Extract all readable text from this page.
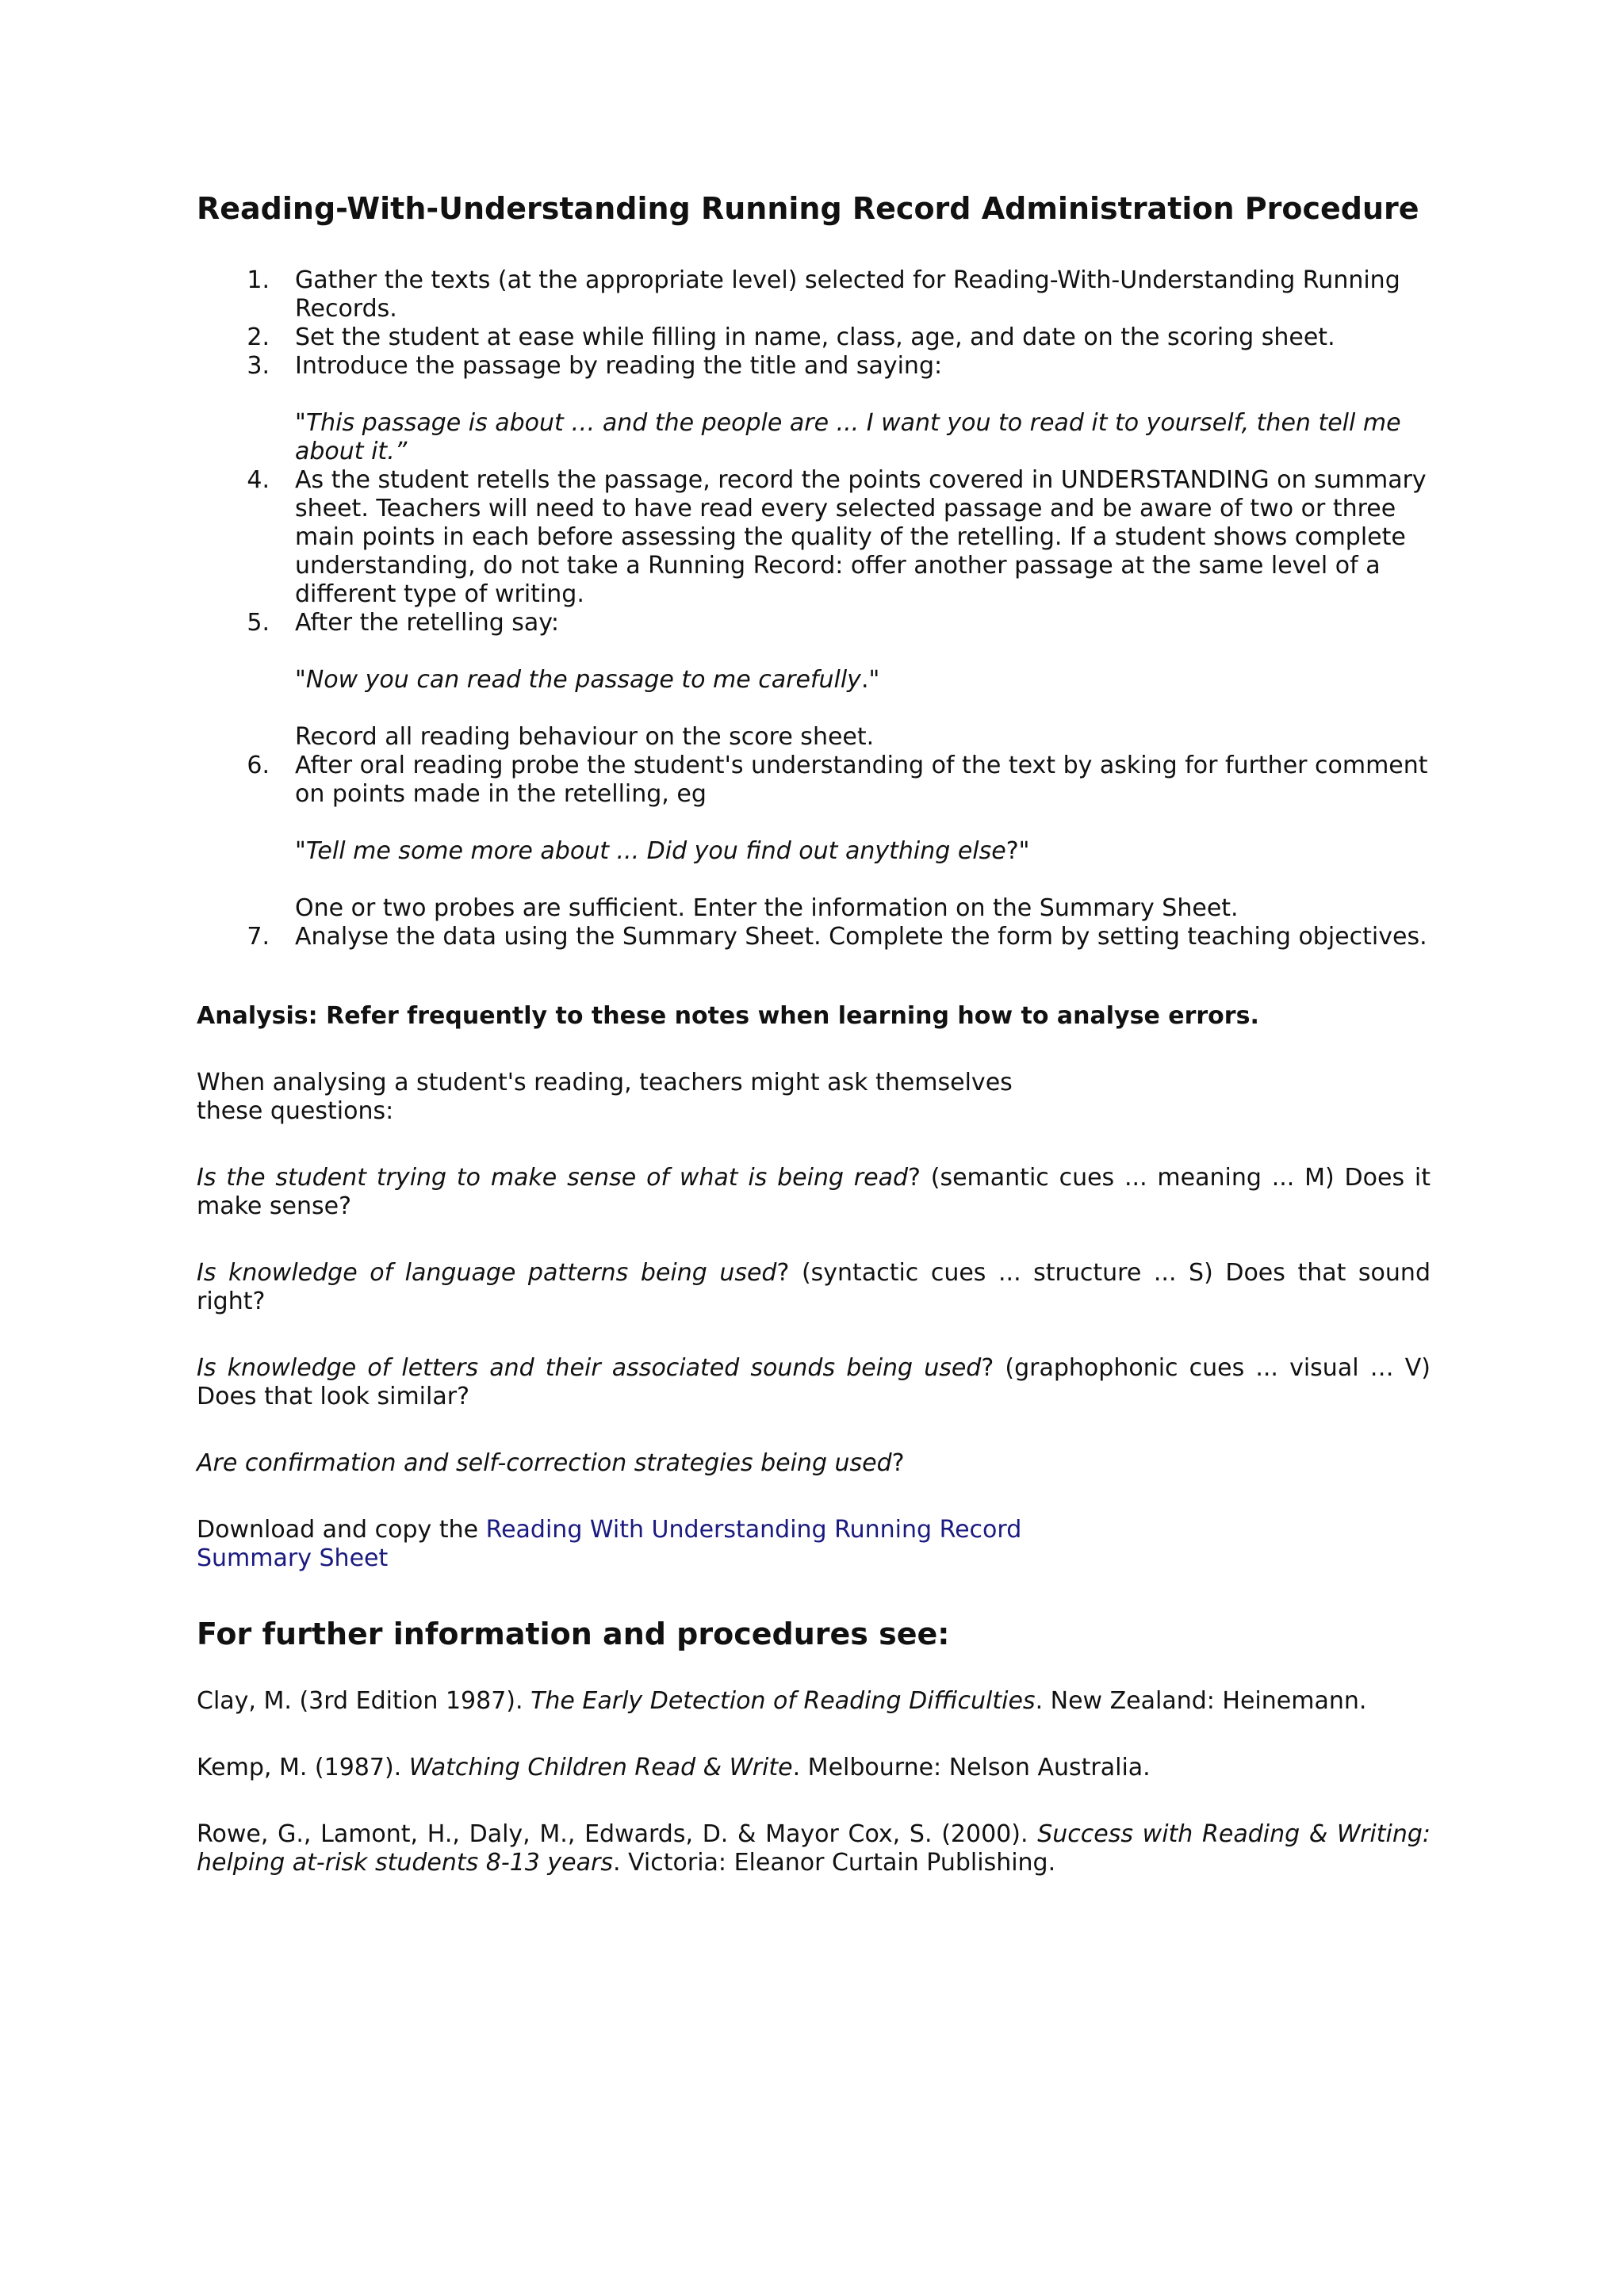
Reading-With-Understanding Running Record Administration Procedure
1. Gather the texts (at the appropriate level) selected for Reading-With-Understanding Running Records.
2. Set the student at ease while filling in name, class, age, and date on the scoring sheet.
3. Introduce the passage by reading the title and saying:
"This passage is about … and the people are ... I want you to read it to yourself, then tell me about it.”
4. As the student retells the passage, record the points covered in UNDERSTANDING on summary sheet. Teachers will need to have read every selected passage and be aware of two or three main points in each before assessing the quality of the retelling. If a student shows complete understanding, do not take a Running Record: offer another passage at the same level of a different type of writing.
5. After the retelling say:
"Now you can read the passage to me carefully."
Record all reading behaviour on the score sheet.
6. After oral reading probe the student's understanding of the text by asking for further comment on points made in the retelling, eg
"Tell me some more about ... Did you find out anything else?"
One or two probes are sufficient. Enter the information on the Summary Sheet.
7. Analyse the data using the Summary Sheet. Complete the form by setting teaching objectives.

Analysis: Refer frequently to these notes when learning how to analyse errors.

When analysing a student's reading, teachers might ask themselves
these questions:

Is the student trying to make sense of what is being read? (semantic cues ... meaning ... M) Does it make sense?

Is knowledge of language patterns being used? (syntactic cues ... structure ... S) Does that sound right?

Is knowledge of letters and their associated sounds being used? (graphophonic cues ... visual … V) Does that look similar?

Are confirmation and self-correction strategies being used?

Download and copy the Reading With Understanding Running Record
Summary Sheet

For further information and procedures see:

Clay, M. (3rd Edition 1987). The Early Detection of Reading Difficulties. New Zealand: Heinemann.

Kemp, M. (1987). Watching Children Read & Write. Melbourne: Nelson Australia.

Rowe, G., Lamont, H., Daly, M., Edwards, D. & Mayor Cox, S. (2000). Success with Reading & Writing: helping at-risk students 8-13 years. Victoria: Eleanor Curtain Publishing.
